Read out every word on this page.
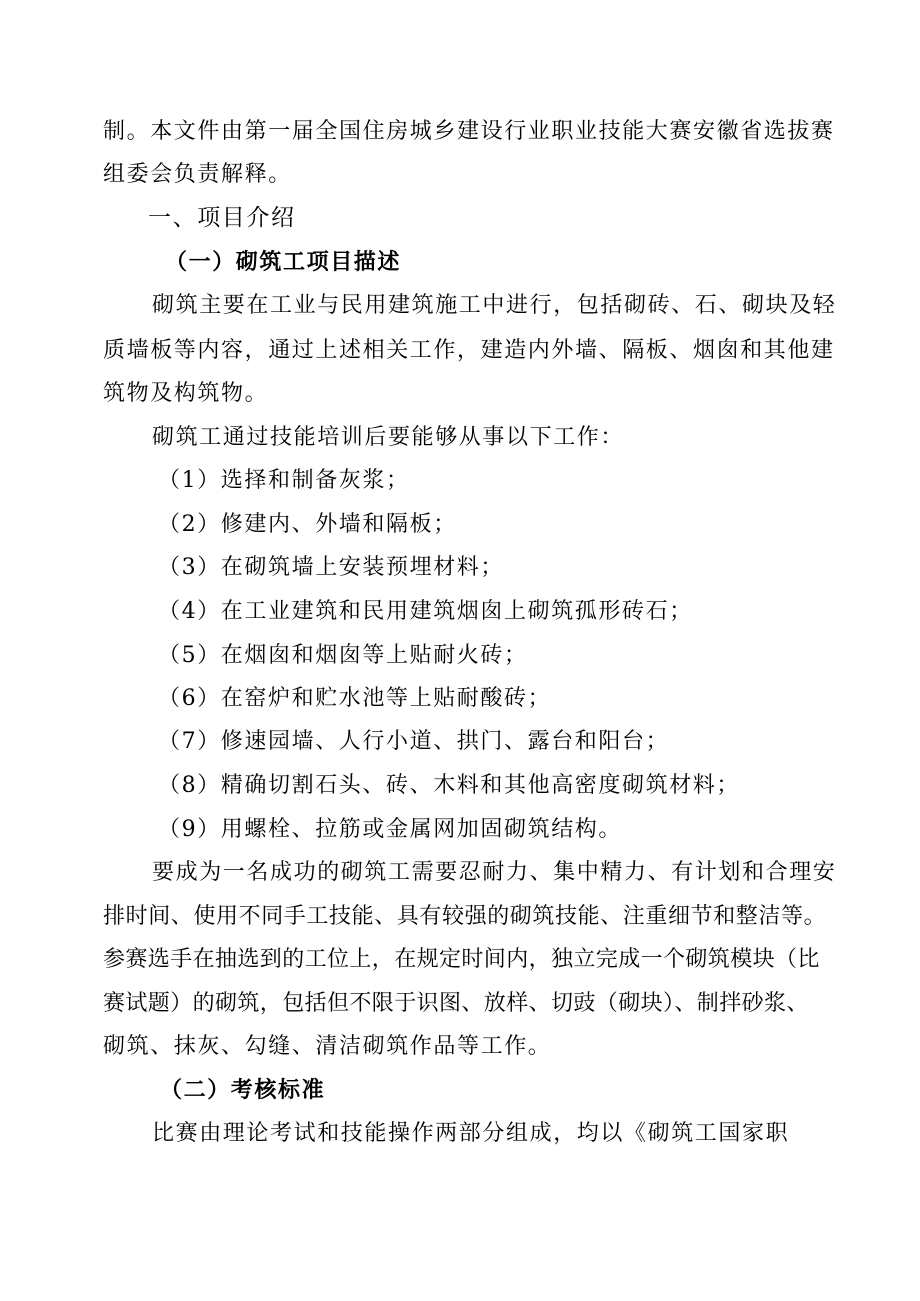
制。本文件由第一届全国住房城乡建设行业职业技能大赛安徽省选拔赛
组委会负责解释。
一、项目介绍
（一）砌筑工项目描述
砌筑主要在工业与民用建筑施工中进行，包括砌砖、石、砌块及轻
质墙板等内容，通过上述相关工作，建造内外墙、隔板、烟囱和其他建
筑物及构筑物。
砌筑工通过技能培训后要能够从事以下工作：
（1）选择和制备灰浆；
（2）修建内、外墙和隔板；
（3）在砌筑墙上安装预埋材料；
（4）在工业建筑和民用建筑烟囱上砌筑孤形砖石；
（5）在烟囱和烟囱等上贴耐火砖；
（6）在窑炉和贮水池等上贴耐酸砖；
（7）修速园墙、人行小道、拱门、露台和阳台；
（8）精确切割石头、砖、木料和其他高密度砌筑材料；
（9）用螺栓、拉筋或金属网加固砌筑结构。
要成为一名成功的砌筑工需要忍耐力、集中精力、有计划和合理安
排时间、使用不同手工技能、具有较强的砌筑技能、注重细节和整洁等。
参赛选手在抽选到的工位上，在规定时间内，独立完成一个砌筑模块（比
赛试题）的砌筑，包括但不限于识图、放样、切豉（砌块）、制拌砂浆、
砌筑、抹灰、勾缝、清洁砌筑作品等工作。
（二）考核标准
比赛由理论考试和技能操作两部分组成，均以《砌筑工国家职
